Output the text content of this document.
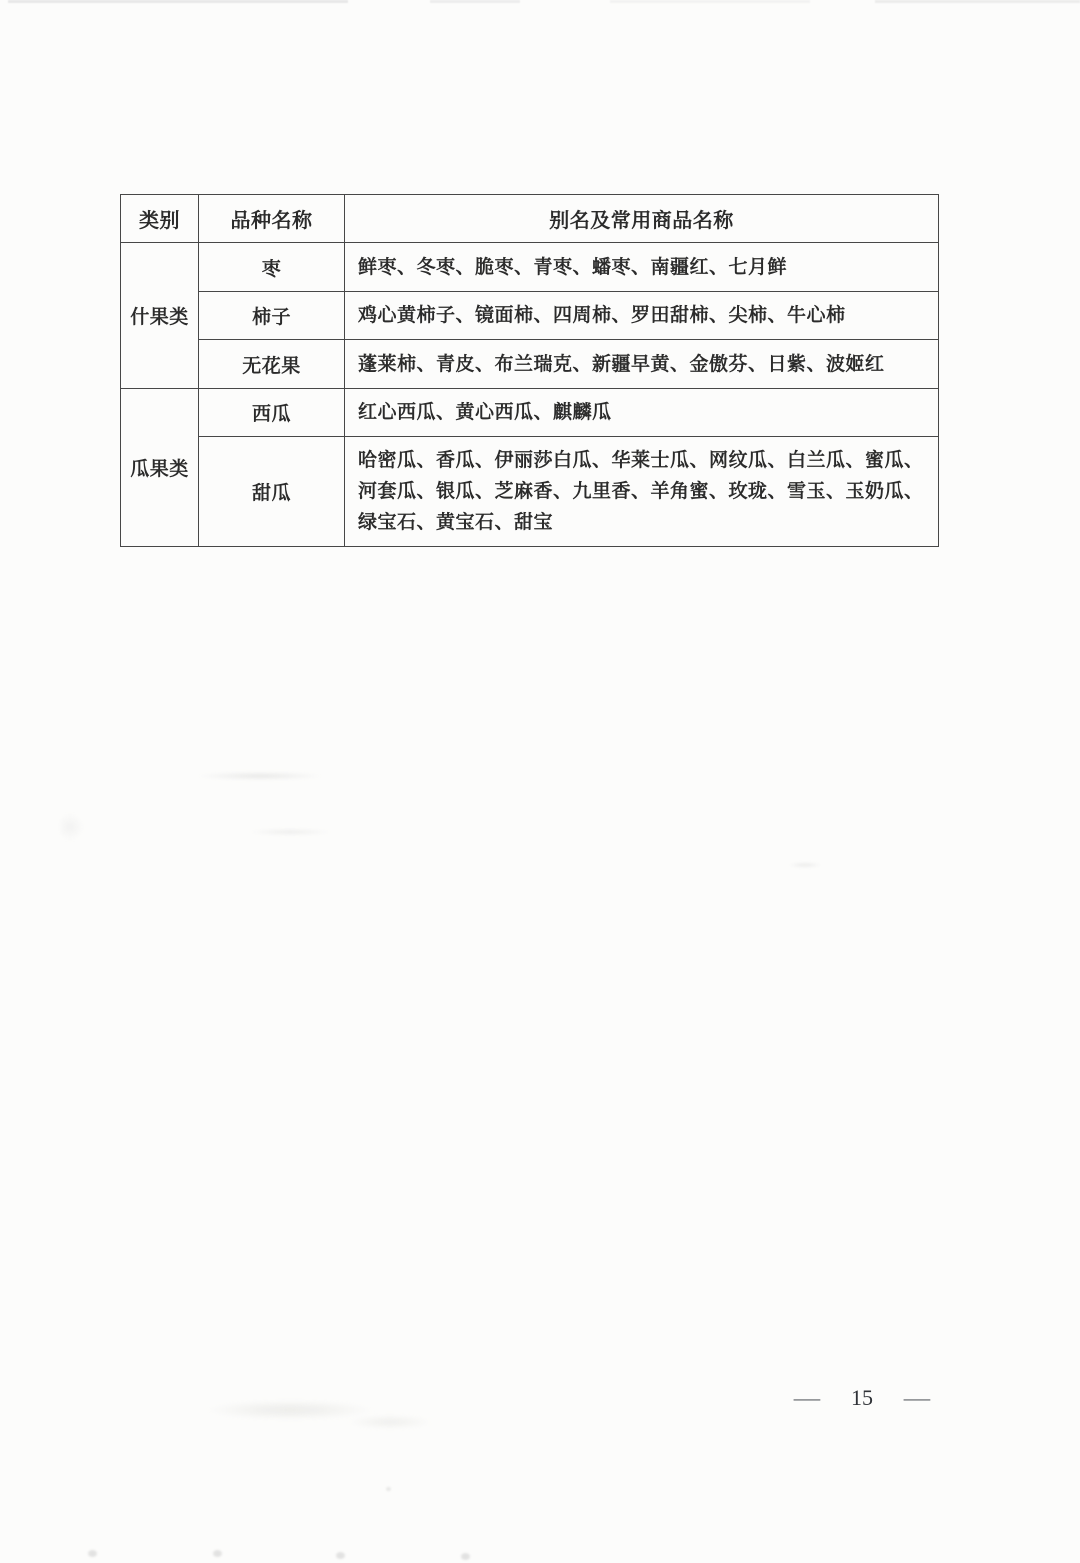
类别	品种名称	别名及常用商品名称
什果类	枣	鲜枣、冬枣、脆枣、青枣、蟠枣、南疆红、七月鲜
	柿子	鸡心黄柿子、镜面柿、四周柿、罗田甜柿、尖柿、牛心柿
	无花果	蓬莱柿、青皮、布兰瑞克、新疆早黄、金傲芬、日紫、波姬红
瓜果类	西瓜	红心西瓜、黄心西瓜、麒麟瓜
	甜瓜	哈密瓜、香瓜、伊丽莎白瓜、华莱士瓜、网纹瓜、白兰瓜、蜜瓜、河套瓜、银瓜、芝麻香、九里香、羊角蜜、玫珑、雪玉、玉奶瓜、绿宝石、黄宝石、甜宝
— 15 —
